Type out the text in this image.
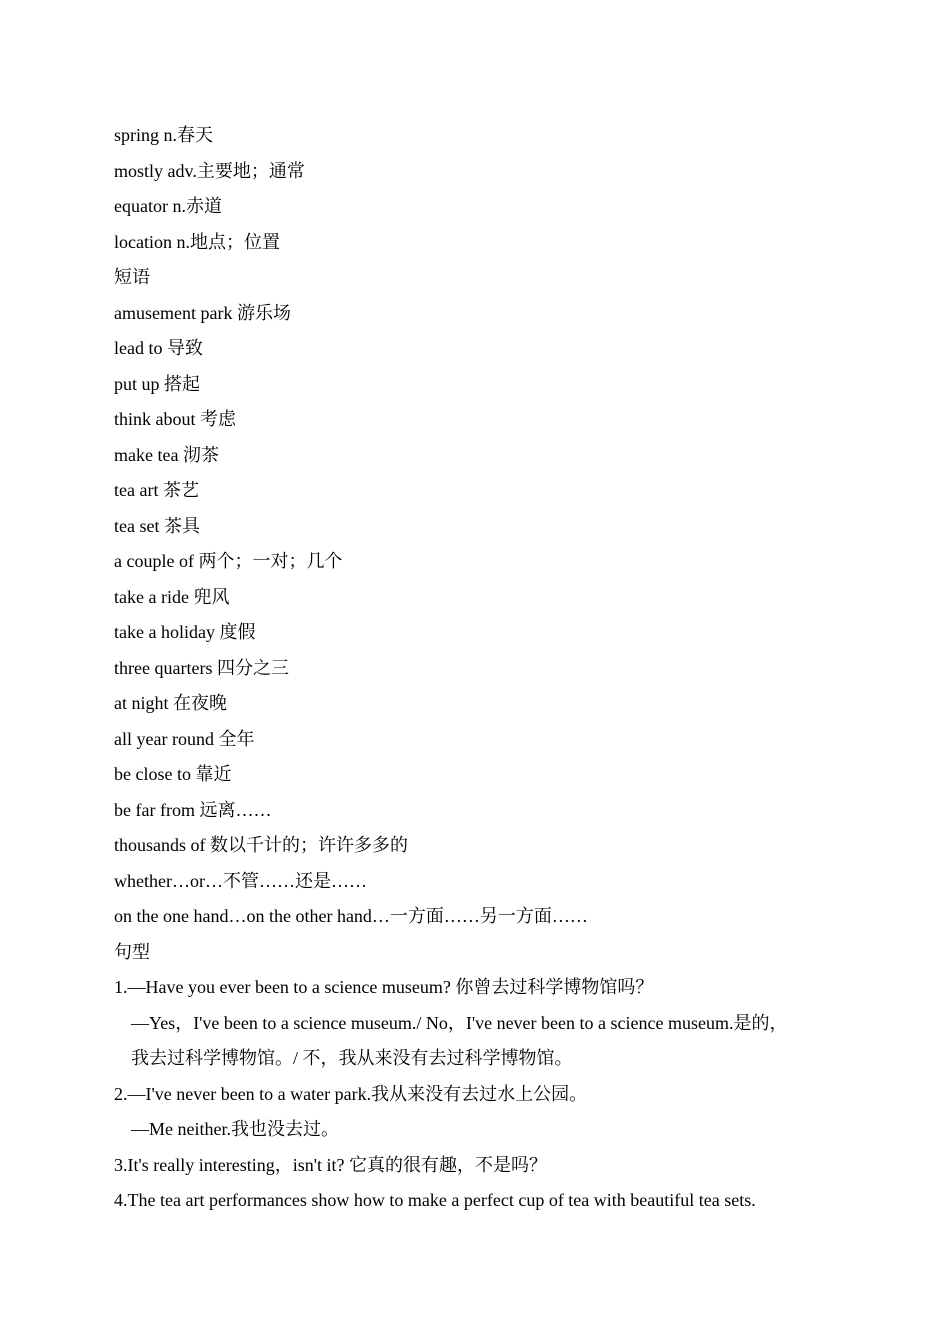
spring n.春天
mostly adv.主要地；通常
equator n.赤道
location n.地点；位置
短语
amusement park 游乐场
lead to 导致
put up 搭起
think about 考虑
make tea 沏茶
tea art 茶艺
tea set 茶具
a couple of 两个；一对；几个
take a ride 兜风
take a holiday 度假
three quarters 四分之三
at night 在夜晚
all year round 全年
be close to 靠近
be far from 远离……
thousands of 数以千计的；许许多多的
whether…or…不管……还是……
on the one hand…on the other hand…一方面……另一方面……
句型
1.—Have you ever been to a science museum? 你曾去过科学博物馆吗？
—Yes，I've been to a science museum./ No，I've never been to a science museum.是的，
我去过科学博物馆。/ 不，我从来没有去过科学博物馆。
2.—I've never been to a water park.我从来没有去过水上公园。
—Me neither.我也没去过。
3.It's really interesting，isn't it? 它真的很有趣，不是吗？
4.The tea art performances show how to make a perfect cup of tea with beautiful tea sets.
